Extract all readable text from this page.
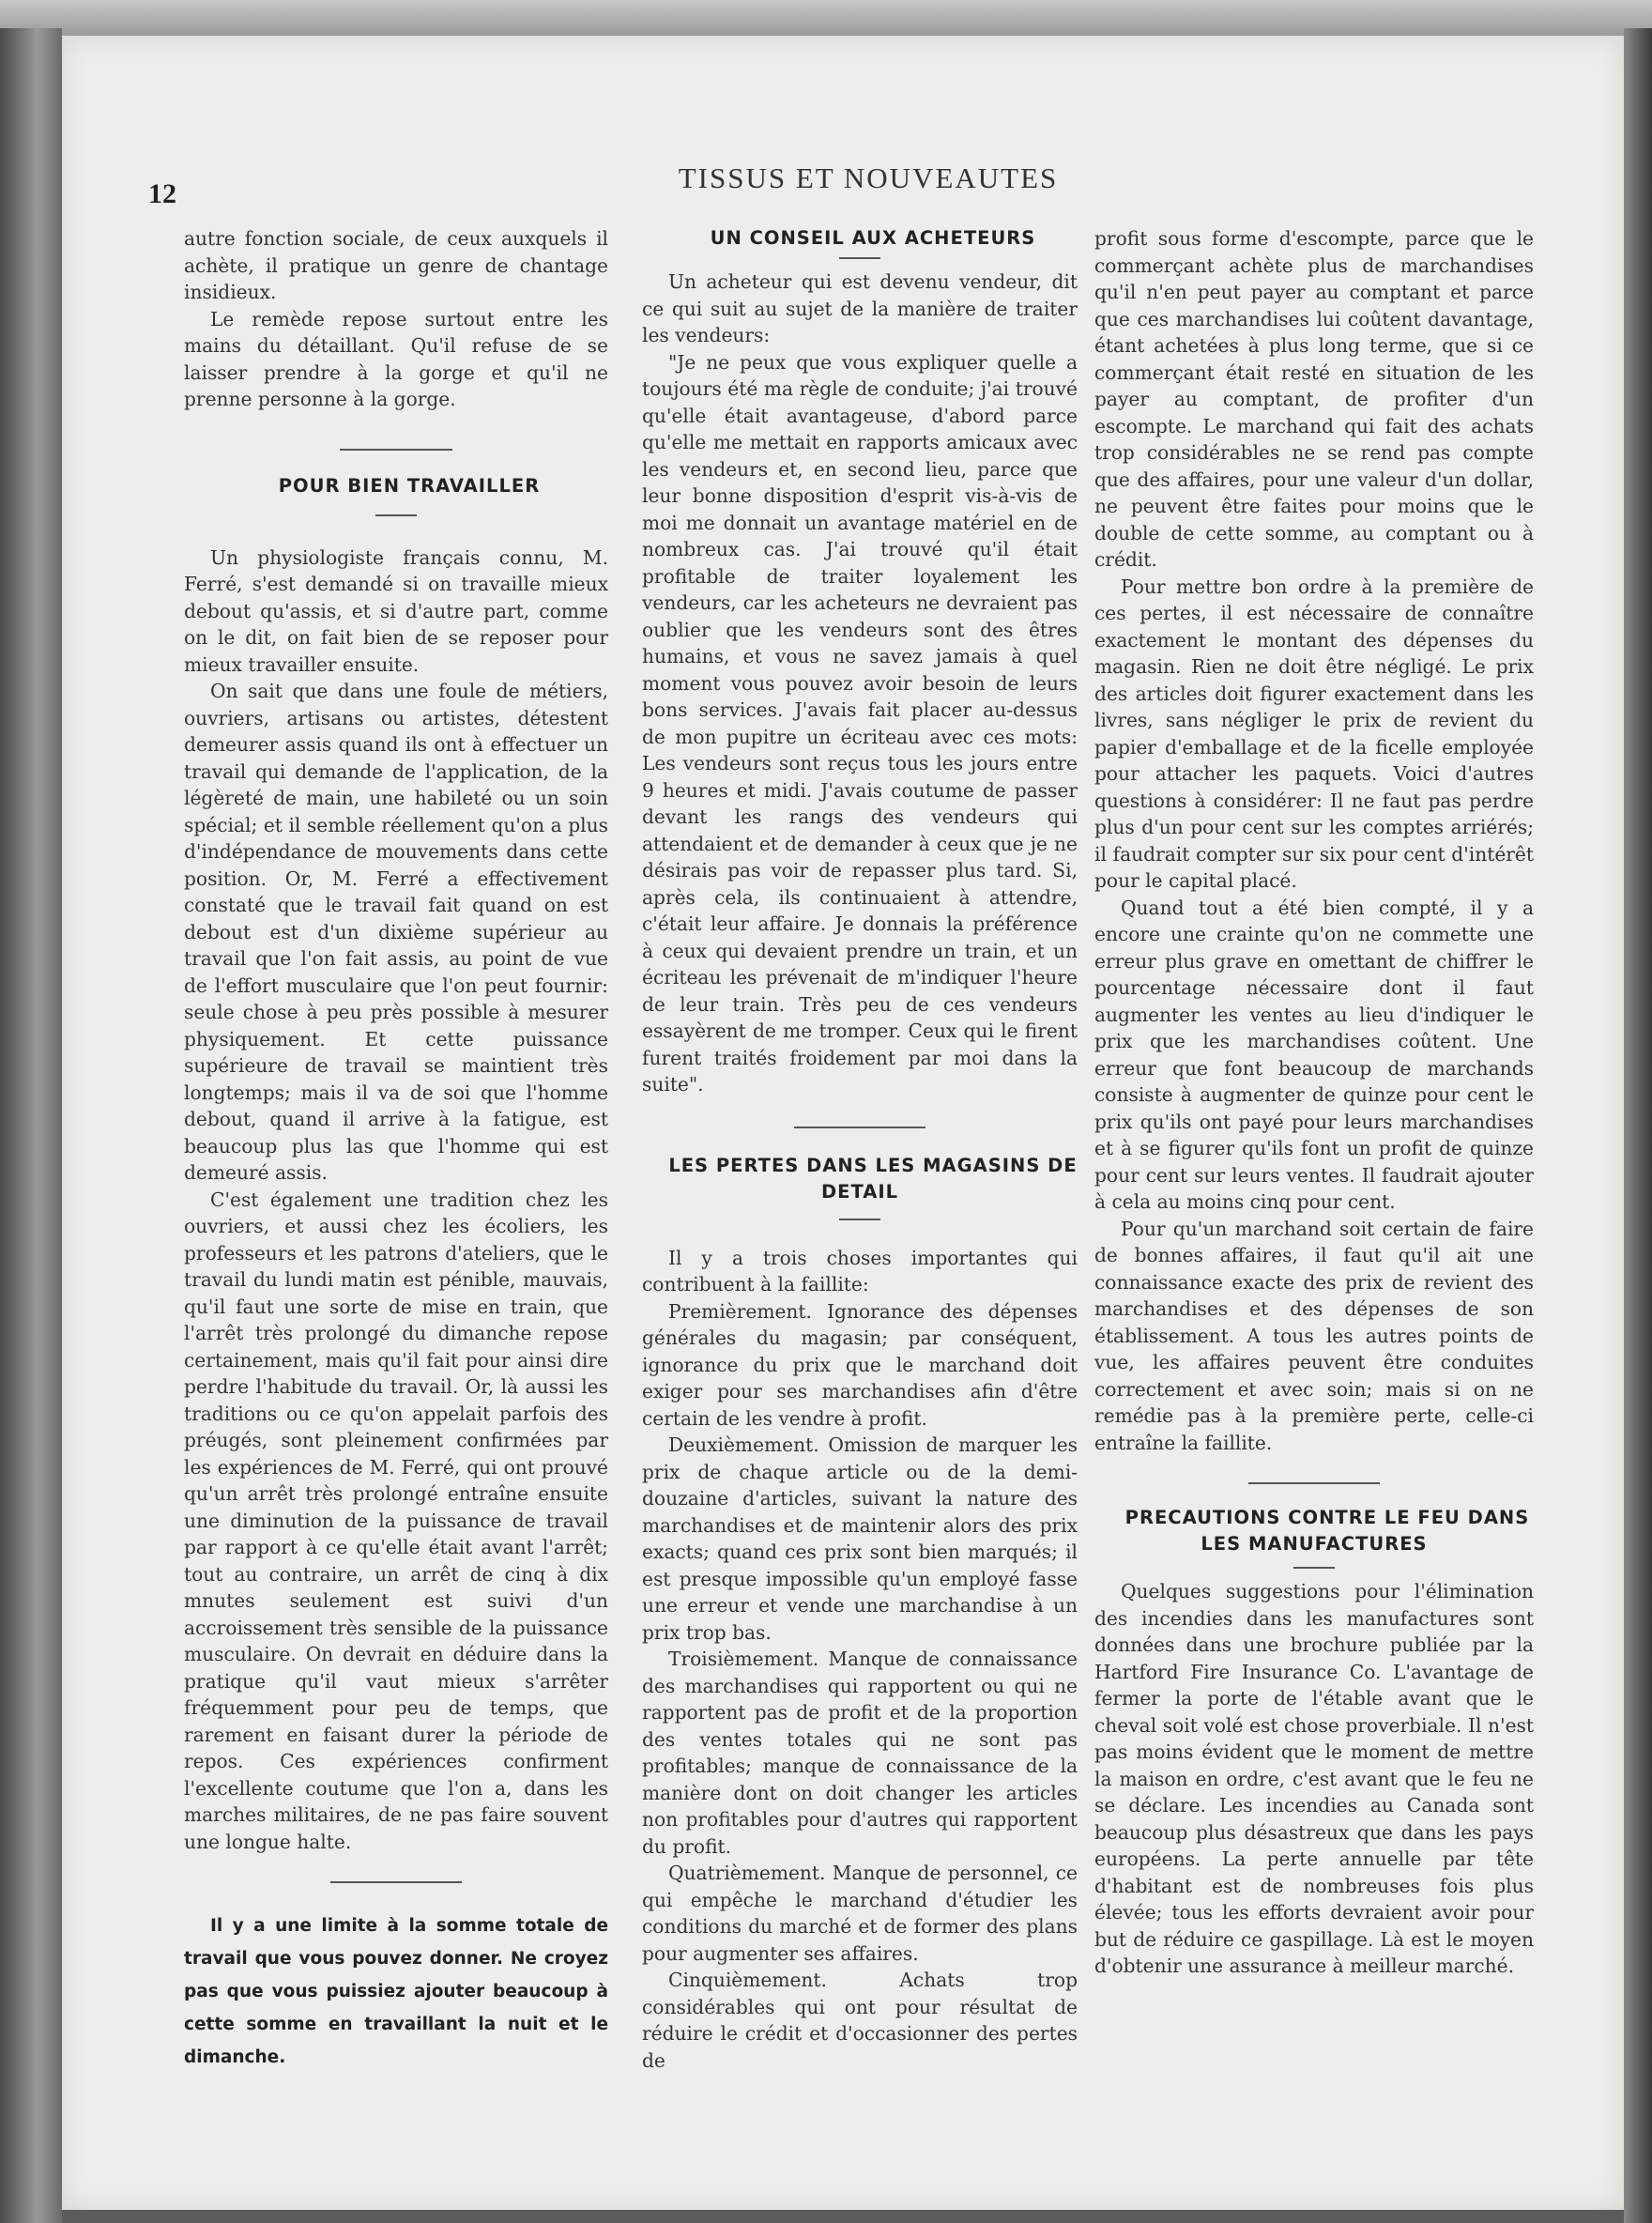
12	TISSUS ET NOUVEAUTES

autre fonction sociale, de ceux auxquels il achète, il pratique un genre de chantage insidieux.

Le remède repose surtout entre les mains du détaillant. Qu'il refuse de se laisser prendre à la gorge et qu'il ne prenne personne à la gorge.

POUR BIEN TRAVAILLER

Un physiologiste français connu, M. Ferré, s'est demandé si on travaille mieux debout qu'assis, et si d'autre part, comme on le dit, on fait bien de se reposer pour mieux travailler ensuite.

On sait que dans une foule de métiers, ouvriers, artisans ou artistes, détestent demeurer assis quand ils ont à effectuer un travail qui demande de l'application, de la légèreté de main, une habileté ou un soin spécial; et il semble réellement qu'on a plus d'indépendance de mouvements dans cette position. Or, M. Ferré a effectivement constaté que le travail fait quand on est debout est d'un dixième supérieur au travail que l'on fait assis, au point de vue de l'effort musculaire que l'on peut fournir: seule chose à peu près possible à mesurer physiquement. Et cette puissance supérieure de travail se maintient très longtemps; mais il va de soi que l'homme debout, quand il arrive à la fatigue, est beaucoup plus las que l'homme qui est demeuré assis.

C'est également une tradition chez les ouvriers, et aussi chez les écoliers, les professeurs et les patrons d'ateliers, que le travail du lundi matin est pénible, mauvais, qu'il faut une sorte de mise en train, que l'arrêt très prolongé du dimanche repose certainement, mais qu'il fait pour ainsi dire perdre l'habitude du travail. Or, là aussi les traditions ou ce qu'on appelait parfois des préugés, sont pleinement confirmées par les expériences de M. Ferré, qui ont prouvé qu'un arrêt très prolongé entraîne ensuite une diminution de la puissance de travail par rapport à ce qu'elle était avant l'arrêt; tout au contraire, un arrêt de cinq à dix mnutes seulement est suivi d'un accroissement très sensible de la puissance musculaire. On devrait en déduire dans la pratique qu'il vaut mieux s'arrêter fréquemment pour peu de temps, que rarement en faisant durer la période de repos. Ces expériences confirment l'excellente coutume que l'on a, dans les marches militaires, de ne pas faire souvent une longue halte.

Il y a une limite à la somme totale de travail que vous pouvez donner. Ne croyez pas que vous puissiez ajouter beaucoup à cette somme en travaillant la nuit et le dimanche.

UN CONSEIL AUX ACHETEURS

Un acheteur qui est devenu vendeur, dit ce qui suit au sujet de la manière de traiter les vendeurs:

"Je ne peux que vous expliquer quelle a toujours été ma règle de conduite; j'ai trouvé qu'elle était avantageuse, d'abord parce qu'elle me mettait en rapports amicaux avec les vendeurs et, en second lieu, parce que leur bonne disposition d'esprit vis-à-vis de moi me donnait un avantage matériel en de nombreux cas. J'ai trouvé qu'il était profitable de traiter loyalement les vendeurs, car les acheteurs ne devraient pas oublier que les vendeurs sont des êtres humains, et vous ne savez jamais à quel moment vous pouvez avoir besoin de leurs bons services. J'avais fait placer au-dessus de mon pupitre un écriteau avec ces mots: Les vendeurs sont reçus tous les jours entre 9 heures et midi. J'avais coutume de passer devant les rangs des vendeurs qui attendaient et de demander à ceux que je ne désirais pas voir de repasser plus tard. Si, après cela, ils continuaient à attendre, c'était leur affaire. Je donnais la préférence à ceux qui devaient prendre un train, et un écriteau les prévenait de m'indiquer l'heure de leur train. Très peu de ces vendeurs essayèrent de me tromper. Ceux qui le firent furent traités froidement par moi dans la suite".

LES PERTES DANS LES MAGASINS DE DETAIL

Il y a trois choses importantes qui contribuent à la faillite:

Premièrement. Ignorance des dépenses générales du magasin; par conséquent, ignorance du prix que le marchand doit exiger pour ses marchandises afin d'être certain de les vendre à profit.

Deuxièmement. Omission de marquer les prix de chaque article ou de la demi-douzaine d'articles, suivant la nature des marchandises et de maintenir alors des prix exacts; quand ces prix sont bien marqués; il est presque impossible qu'un employé fasse une erreur et vende une marchandise à un prix trop bas.

Troisièmement. Manque de connaissance des marchandises qui rapportent ou qui ne rapportent pas de profit et de la proportion des ventes totales qui ne sont pas profitables; manque de connaissance de la manière dont on doit changer les articles non profitables pour d'autres qui rapportent du profit.

Quatrièmement. Manque de personnel, ce qui empêche le marchand d'étudier les conditions du marché et de former des plans pour augmenter ses affaires.

Cinquièmement. Achats trop considérables qui ont pour résultat de réduire le crédit et d'occasionner des pertes de

profit sous forme d'escompte, parce que le commerçant achète plus de marchandises qu'il n'en peut payer au comptant et parce que ces marchandises lui coûtent davantage, étant achetées à plus long terme, que si ce commerçant était resté en situation de les payer au comptant, de profiter d'un escompte. Le marchand qui fait des achats trop considérables ne se rend pas compte que des affaires, pour une valeur d'un dollar, ne peuvent être faites pour moins que le double de cette somme, au comptant ou à crédit.

Pour mettre bon ordre à la première de ces pertes, il est nécessaire de connaître exactement le montant des dépenses du magasin. Rien ne doit être négligé. Le prix des articles doit figurer exactement dans les livres, sans négliger le prix de revient du papier d'emballage et de la ficelle employée pour attacher les paquets. Voici d'autres questions à considérer: Il ne faut pas perdre plus d'un pour cent sur les comptes arriérés; il faudrait compter sur six pour cent d'intérêt pour le capital placé.

Quand tout a été bien compté, il y a encore une crainte qu'on ne commette une erreur plus grave en omettant de chiffrer le pourcentage nécessaire dont il faut augmenter les ventes au lieu d'indiquer le prix que les marchandises coûtent. Une erreur que font beaucoup de marchands consiste à augmenter de quinze pour cent le prix qu'ils ont payé pour leurs marchandises et à se figurer qu'ils font un profit de quinze pour cent sur leurs ventes. Il faudrait ajouter à cela au moins cinq pour cent.

Pour qu'un marchand soit certain de faire de bonnes affaires, il faut qu'il ait une connaissance exacte des prix de revient des marchandises et des dépenses de son établissement. A tous les autres points de vue, les affaires peuvent être conduites correctement et avec soin; mais si on ne remédie pas à la première perte, celle-ci entraîne la faillite.

PRECAUTIONS CONTRE LE FEU DANS LES MANUFACTURES

Quelques suggestions pour l'élimination des incendies dans les manufactures sont données dans une brochure publiée par la Hartford Fire Insurance Co. L'avantage de fermer la porte de l'étable avant que le cheval soit volé est chose proverbiale. Il n'est pas moins évident que le moment de mettre la maison en ordre, c'est avant que le feu ne se déclare. Les incendies au Canada sont beaucoup plus désastreux que dans les pays européens. La perte annuelle par tête d'habitant est de nombreuses fois plus élevée; tous les efforts devraient avoir pour but de réduire ce gaspillage. Là est le moyen d'obtenir une assurance à meilleur marché.
